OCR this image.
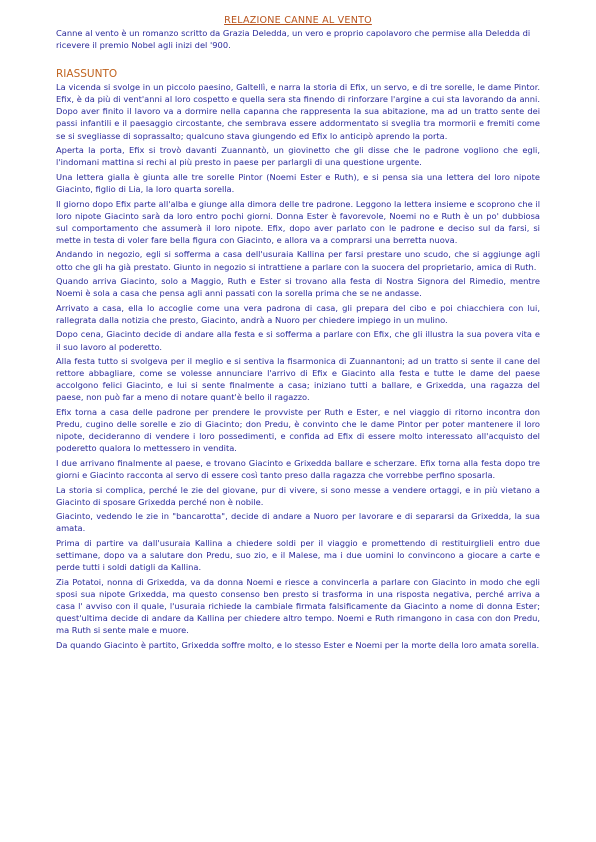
RELAZIONE CANNE AL VENTO

Canne al vento è un romanzo scritto da Grazia Deledda, un vero e proprio capolavoro che permise alla Deledda di ricevere il premio Nobel agli inizi del '900.

RIASSUNTO

La vicenda si svolge in un piccolo paesino, Galtellì, e narra la storia di Efix, un servo, e di tre sorelle, le dame Pintor. Efix, è da più di vent'anni al loro cospetto e quella sera sta finendo di rinforzare l'argine a cui sta lavorando da anni. Dopo aver finito il lavoro va a dormire nella capanna che rappresenta la sua abitazione, ma ad un tratto sente dei passi infantili e il paesaggio circostante, che sembrava essere addormentato si sveglia tra mormorii e fremiti come se si svegliasse di soprassalto; qualcuno stava giungendo ed Efix lo anticipò aprendo la porta.

Aperta la porta, Efix si trovò davanti Zuannantò, un giovinetto che gli disse che le padrone vogliono che egli, l'indomani mattina si rechi al più presto in paese per parlargli di una questione urgente.

Una lettera gialla è giunta alle tre sorelle Pintor (Noemi Ester e Ruth), e si pensa sia una lettera del loro nipote Giacinto, figlio di Lia, la loro quarta sorella.

Il giorno dopo Efix parte all'alba e giunge alla dimora delle tre padrone. Leggono la lettera insieme e scoprono che il loro nipote Giacinto sarà da loro entro pochi giorni. Donna Ester è favorevole, Noemi no e Ruth è un po' dubbiosa sul comportamento che assumerà il loro nipote. Efix, dopo aver parlato con le padrone e deciso sul da farsi, si mette in testa di voler fare bella figura con Giacinto, e allora va a comprarsi una berretta nuova.

Andando in negozio, egli si sofferma a casa dell'usuraia Kallina per farsi prestare uno scudo, che si aggiunge agli otto che gli ha già prestato. Giunto in negozio si intrattiene a parlare con la suocera del proprietario, amica di Ruth.

Quando arriva Giacinto, solo a Maggio, Ruth e Ester si trovano alla festa di Nostra Signora del Rimedio, mentre Noemi è sola a casa che pensa agli anni passati con la sorella prima che se ne andasse.

Arrivato a casa, ella lo accoglie come una vera padrona di casa, gli prepara del cibo e poi chiacchiera con lui, rallegrata dalla notizia che presto, Giacinto, andrà a Nuoro per chiedere impiego in un mulino.

Dopo cena, Giacinto decide di andare alla festa e si sofferma a parlare con Efix, che gli illustra la sua povera vita e il suo lavoro al poderetto.

Alla festa tutto si svolgeva per il meglio e si sentiva la fisarmonica di Zuannantoni; ad un tratto si sente il cane del rettore abbagliare, come se volesse annunciare l'arrivo di Efix e Giacinto alla festa e tutte le dame del paese accolgono felici Giacinto, e lui si sente finalmente a casa; iniziano tutti a ballare, e Grixedda, una ragazza del paese, non può far a meno di notare quant'è bello il ragazzo.

Efix torna a casa delle padrone per prendere le provviste per Ruth e Ester, e nel viaggio di ritorno incontra don Predu, cugino delle sorelle e zio di Giacinto; don Predu, è convinto che le dame Pintor per poter mantenere il loro nipote, decideranno di vendere i loro possedimenti, e confida ad Efix di essere molto interessato all'acquisto del poderetto qualora lo mettessero in vendita.

I due arrivano finalmente al paese, e trovano Giacinto e Grixedda ballare e scherzare. Efix torna alla festa dopo tre giorni e Giacinto racconta al servo di essere così tanto preso dalla ragazza che vorrebbe perfino sposarla.

La storia si complica, perché le zie del giovane, pur di vivere, si sono messe a vendere ortaggi, e in più vietano a Giacinto di sposare Grixedda perché non è nobile.

Giacinto, vedendo le zie in "bancarotta", decide di andare a Nuoro per lavorare e di separarsi da Grixedda, la sua amata.

Prima di partire va dall'usuraia Kallina a chiedere soldi per il viaggio e promettendo di restituirglieli entro due settimane, dopo va a salutare don Predu, suo zio, e il Malese, ma i due uomini lo convincono a giocare a carte e perde tutti i soldi datigli da Kallina.

Zia Potatoi, nonna di Grixedda, va da donna Noemi e riesce a convincerla a parlare con Giacinto in modo che egli sposi sua nipote Grixedda, ma questo consenso ben presto si trasforma in una risposta negativa, perché arriva a casa l' avviso con il quale, l'usuraia richiede la cambiale firmata falsificamente da Giacinto a nome di donna Ester; quest'ultima decide di andare da Kallina per chiedere altro tempo. Noemi e Ruth rimangono in casa con don Predu, ma Ruth si sente male e muore.

Da quando Giacinto è partito, Grixedda soffre molto, e lo stesso Ester e Noemi per la morte della loro amata sorella.
